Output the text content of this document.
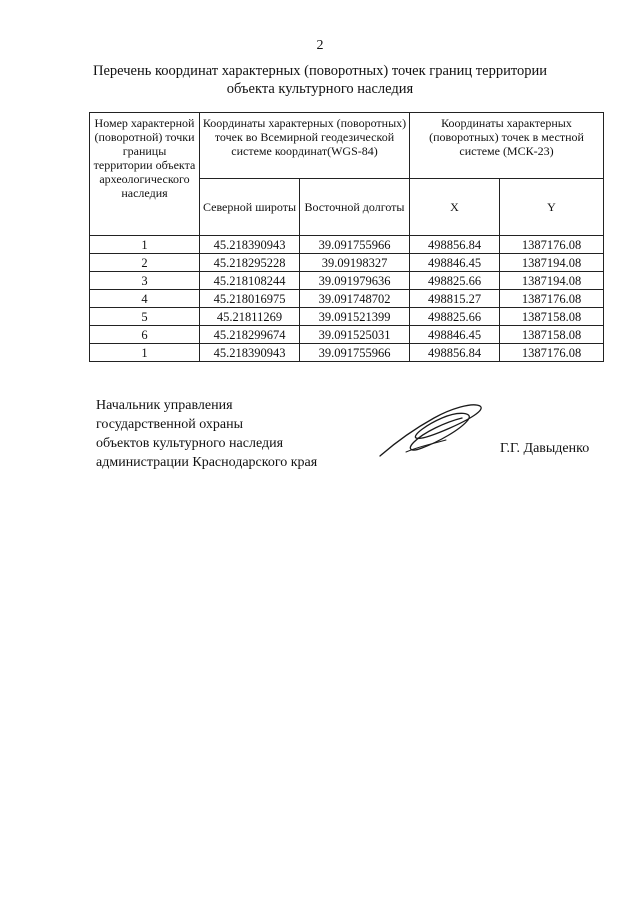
2
Перечень координат характерных (поворотных) точек границ территории
объекта культурного наследия
Номер характерной (поворотной) точки границы территории объекта археологического наследия	Координаты характерных (поворотных) точек во Всемирной геодезической системе координат(WGS-84)		Координаты характерных (поворотных) точек в местной системе (МСК-23)	
	Северной широты	Восточной долготы	X	Y
1	45.218390943	39.091755966	498856.84	1387176.08
2	45.218295228	39.09198327	498846.45	1387194.08
3	45.218108244	39.091979636	498825.66	1387194.08
4	45.218016975	39.091748702	498815.27	1387176.08
5	45.21811269	39.091521399	498825.66	1387158.08
6	45.218299674	39.091525031	498846.45	1387158.08
1	45.218390943	39.091755966	498856.84	1387176.08
Начальник управления
государственной охраны
объектов культурного наследия
администрации Краснодарского края
Г.Г. Давыденко
